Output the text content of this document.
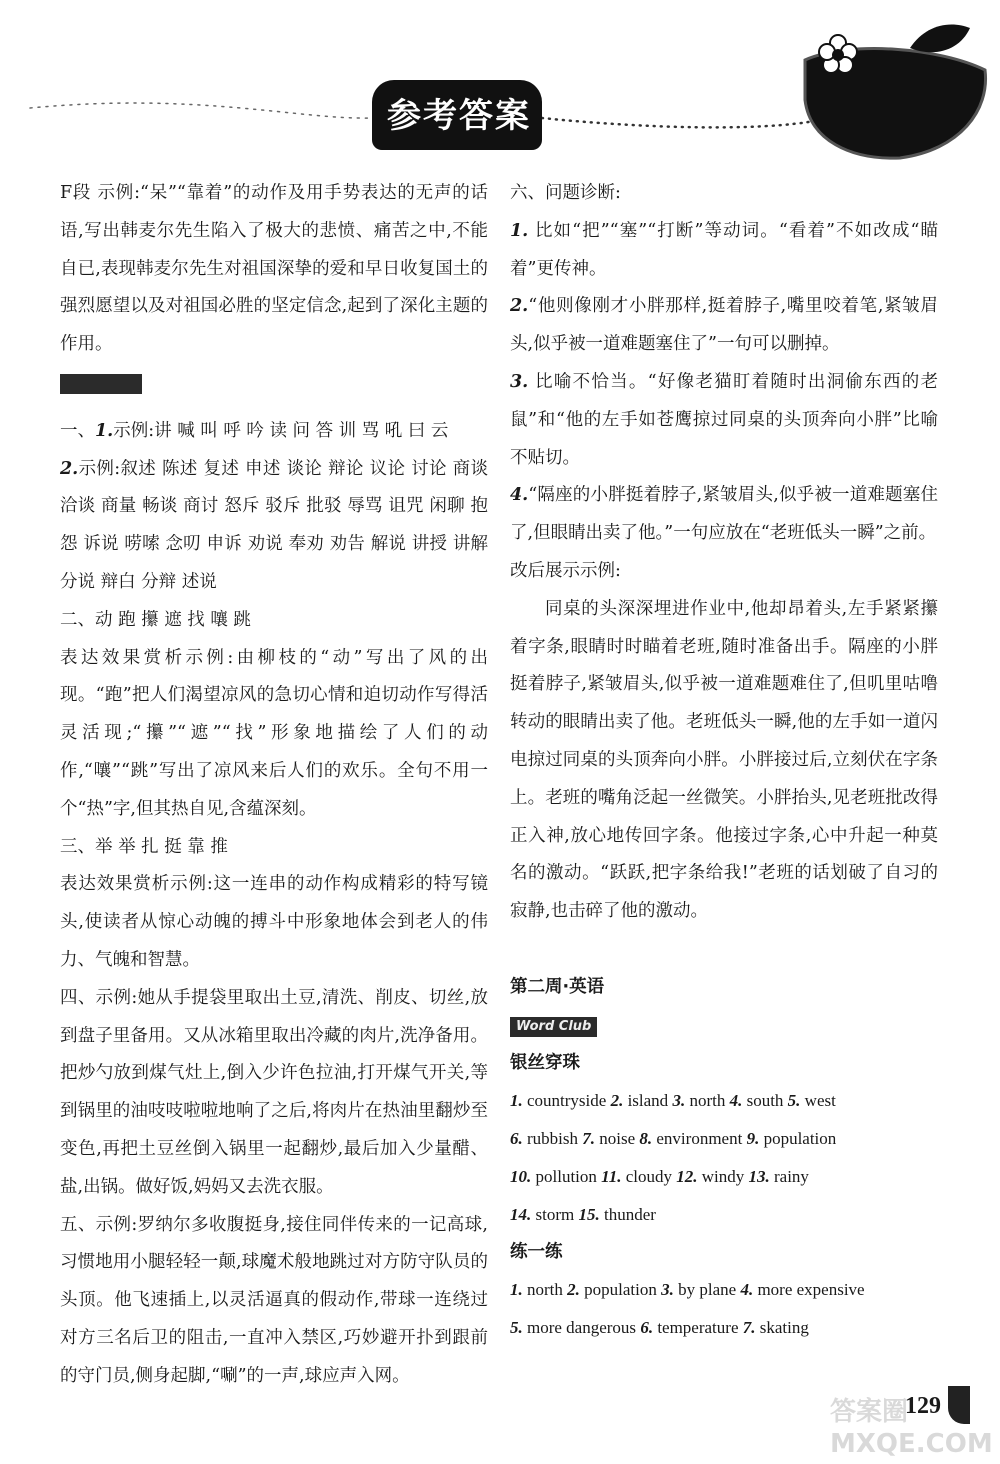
参考答案

F段 示例:“呆”“靠着”的动作及用手势表达的无声的话语,写出韩麦尔先生陷入了极大的悲愤、痛苦之中,不能自已,表现韩麦尔先生对祖国深挚的爱和早日收复国土的强烈愿望以及对祖国必胜的坚定信念,起到了深化主题的作用。

一、1.示例:讲 喊 叫 呼 吟 读 问 答 训 骂 吼 曰 云

2.示例:叙述 陈述 复述 申述 谈论 辩论 议论 讨论 商谈 洽谈 商量 畅谈 商讨 怒斥 驳斥 批驳 辱骂 诅咒 闲聊 抱怨 诉说 唠嗦 念叨 申诉 劝说 奉劝 劝告 解说 讲授 讲解 分说 辩白 分辩 述说

二、动 跑 攥 遮 找 嚷 跳

表达效果赏析示例:由柳枝的“动”写出了风的出现。“跑”把人们渴望凉风的急切心情和迫切动作写得活灵活现;“攥”“遮”“找”形象地描绘了人们的动作,“嚷”“跳”写出了凉风来后人们的欢乐。全句不用一个“热”字,但其热自见,含蕴深刻。

三、举 举 扎 挺 靠 推

表达效果赏析示例:这一连串的动作构成精彩的特写镜头,使读者从惊心动魄的搏斗中形象地体会到老人的伟力、气魄和智慧。

四、示例:她从手提袋里取出土豆,清洗、削皮、切丝,放到盘子里备用。又从冰箱里取出冷藏的肉片,洗净备用。把炒勺放到煤气灶上,倒入少许色拉油,打开煤气开关,等到锅里的油吱吱啦啦地响了之后,将肉片在热油里翻炒至变色,再把土豆丝倒入锅里一起翻炒,最后加入少量醋、盐,出锅。做好饭,妈妈又去洗衣服。

五、示例:罗纳尔多收腹挺身,接住同伴传来的一记高球,习惯地用小腿轻轻一颠,球魔术般地跳过对方防守队员的头顶。他飞速插上,以灵活逼真的假动作,带球一连绕过对方三名后卫的阻击,一直冲入禁区,巧妙避开扑到跟前的守门员,侧身起脚,“唰”的一声,球应声入网。

六、问题诊断:

1. 比如“把”“塞”“打断”等动词。“看着”不如改成“瞄着”更传神。

2.“他则像刚才小胖那样,挺着脖子,嘴里咬着笔,紧皱眉头,似乎被一道难题塞住了”一句可以删掉。

3. 比喻不恰当。“好像老猫盯着随时出洞偷东西的老鼠”和“他的左手如苍鹰掠过同桌的头顶奔向小胖”比喻不贴切。

4.“隔座的小胖挺着脖子,紧皱眉头,似乎被一道难题塞住了,但眼睛出卖了他。”一句应放在“老班低头一瞬”之前。

改后展示示例:

同桌的头深深埋进作业中,他却昂着头,左手紧紧攥着字条,眼睛时时瞄着老班,随时准备出手。隔座的小胖挺着脖子,紧皱眉头,似乎被一道难题难住了,但叽里咕噜转动的眼睛出卖了他。老班低头一瞬,他的左手如一道闪电掠过同桌的头顶奔向小胖。小胖接过后,立刻伏在字条上。老班的嘴角泛起一丝微笑。小胖抬头,见老班批改得正入神,放心地传回字条。他接过字条,心中升起一种莫名的激动。“跃跃,把字条给我!”老班的话划破了自习的寂静,也击碎了他的激动。

第二周·英语

Word Club

银丝穿珠

1. countryside 2. island 3. north 4. south 5. west

6. rubbish 7. noise 8. environment 9. population

10. pollution 11. cloudy 12. windy 13. rainy

14. storm 15. thunder

练一练

1. north 2. population 3. by plane 4. more expensive

5. more dangerous 6. temperature 7. skating

129
答案圈
MXQE.COM
